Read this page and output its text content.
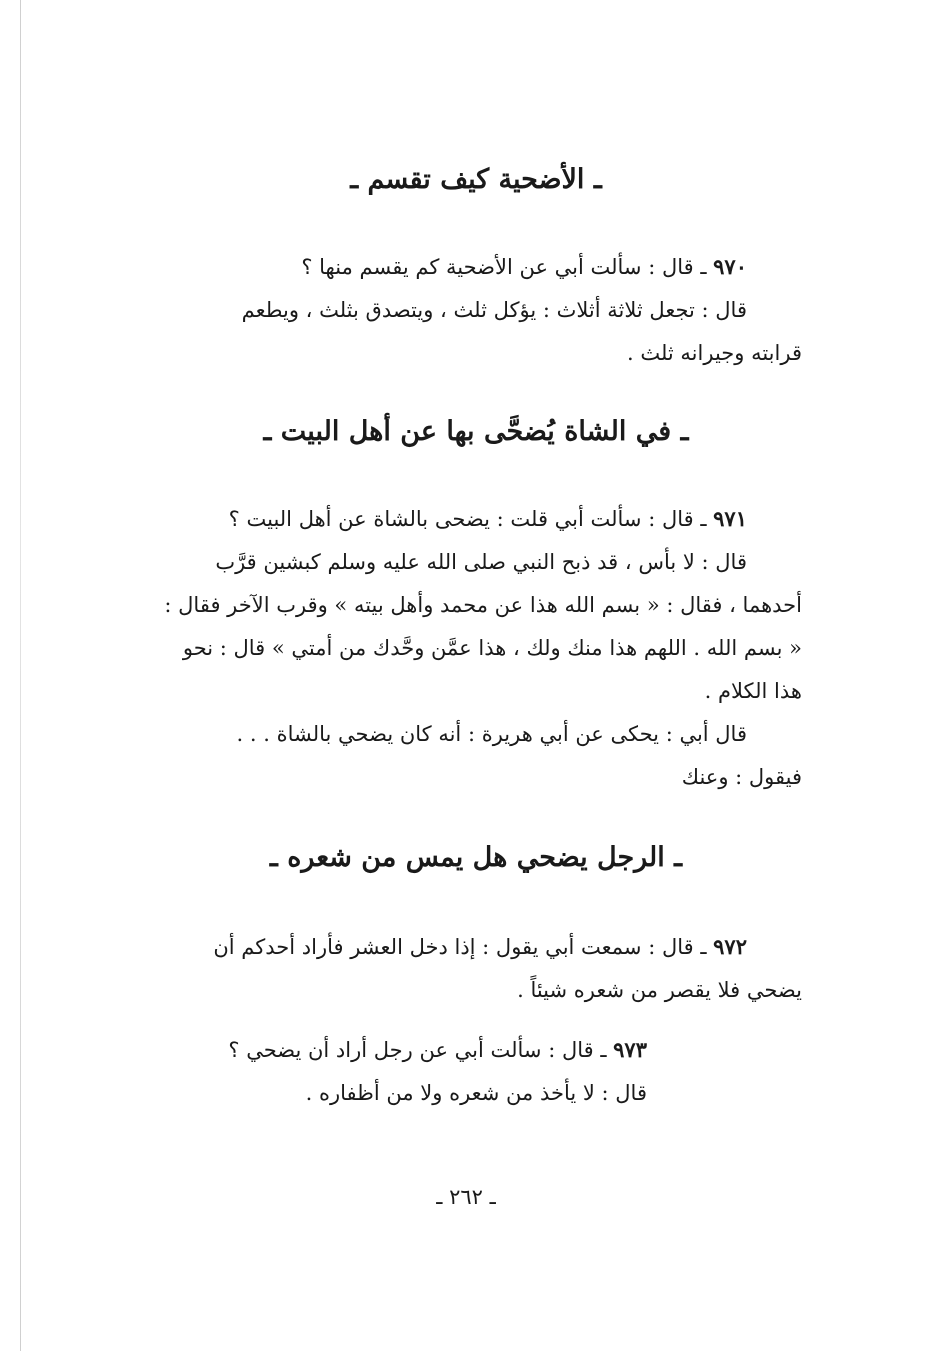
ـ الأضحية كيف تقسم ـ

٩٧٠ ـ قال : سألت أبي عن الأضحية كم يقسم منها ؟

قال : تجعل ثلاثة أثلاث : يؤكل ثلث ، ويتصدق بثلث ، ويطعم

قرابته وجيرانه ثلث .

ـ في الشاة يُضحَّى بها عن أهل البيت ـ

٩٧١ ـ قال : سألت أبي قلت : يضحى بالشاة عن أهل البيت ؟

قال : لا بأس ، قد ذبح النبي صلى الله عليه وسلم كبشين قرَّب

أحدهما ، فقال : « بسم الله هذا عن محمد وأهل بيته » وقرب الآخر فقال :

« بسم الله . اللهم هذا منك ولك ، هذا عمَّن وحَّدك من أمتي » قال : نحو

هذا الكلام .

قال أبي : يحكى عن أبي هريرة : أنه كان يضحي بالشاة . . .

فيقول : وعنك

ـ الرجل يضحي هل يمس من شعره ـ

٩٧٢ ـ قال : سمعت أبي يقول : إذا دخل العشر فأراد أحدكم أن

يضحي فلا يقصر من شعره شيئاً .

٩٧٣ ـ قال : سألت أبي عن رجل أراد أن يضحي ؟

قال : لا يأخذ من شعره ولا من أظفاره .

ـ ٢٦٢ ـ
